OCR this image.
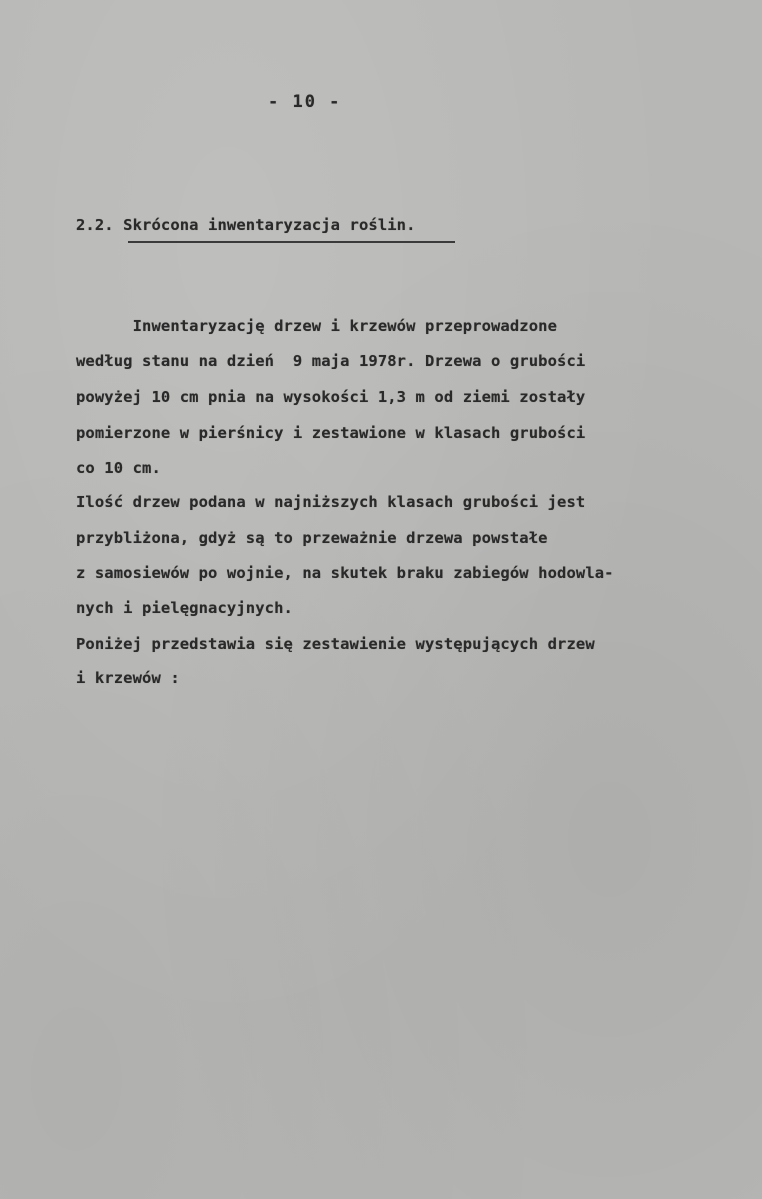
- 10 -
2.2. Skrócona inwentaryzacja roślin.
Inwentaryzację drzew i krzewów przeprowadzone
według stanu na dzień  9 maja 1978r. Drzewa o grubości
powyżej 10 cm pnia na wysokości 1,3 m od ziemi zostały
pomierzone w pierśnicy i zestawione w klasach grubości
co 10 cm.
Ilość drzew podana w najniższych klasach grubości jest
przybliżona, gdyż są to przeważnie drzewa powstałe
z samosiewów po wojnie, na skutek braku zabiegów hodowla-
nych i pielęgnacyjnych.
Poniżej przedstawia się zestawienie występujących drzew
i krzewów :
